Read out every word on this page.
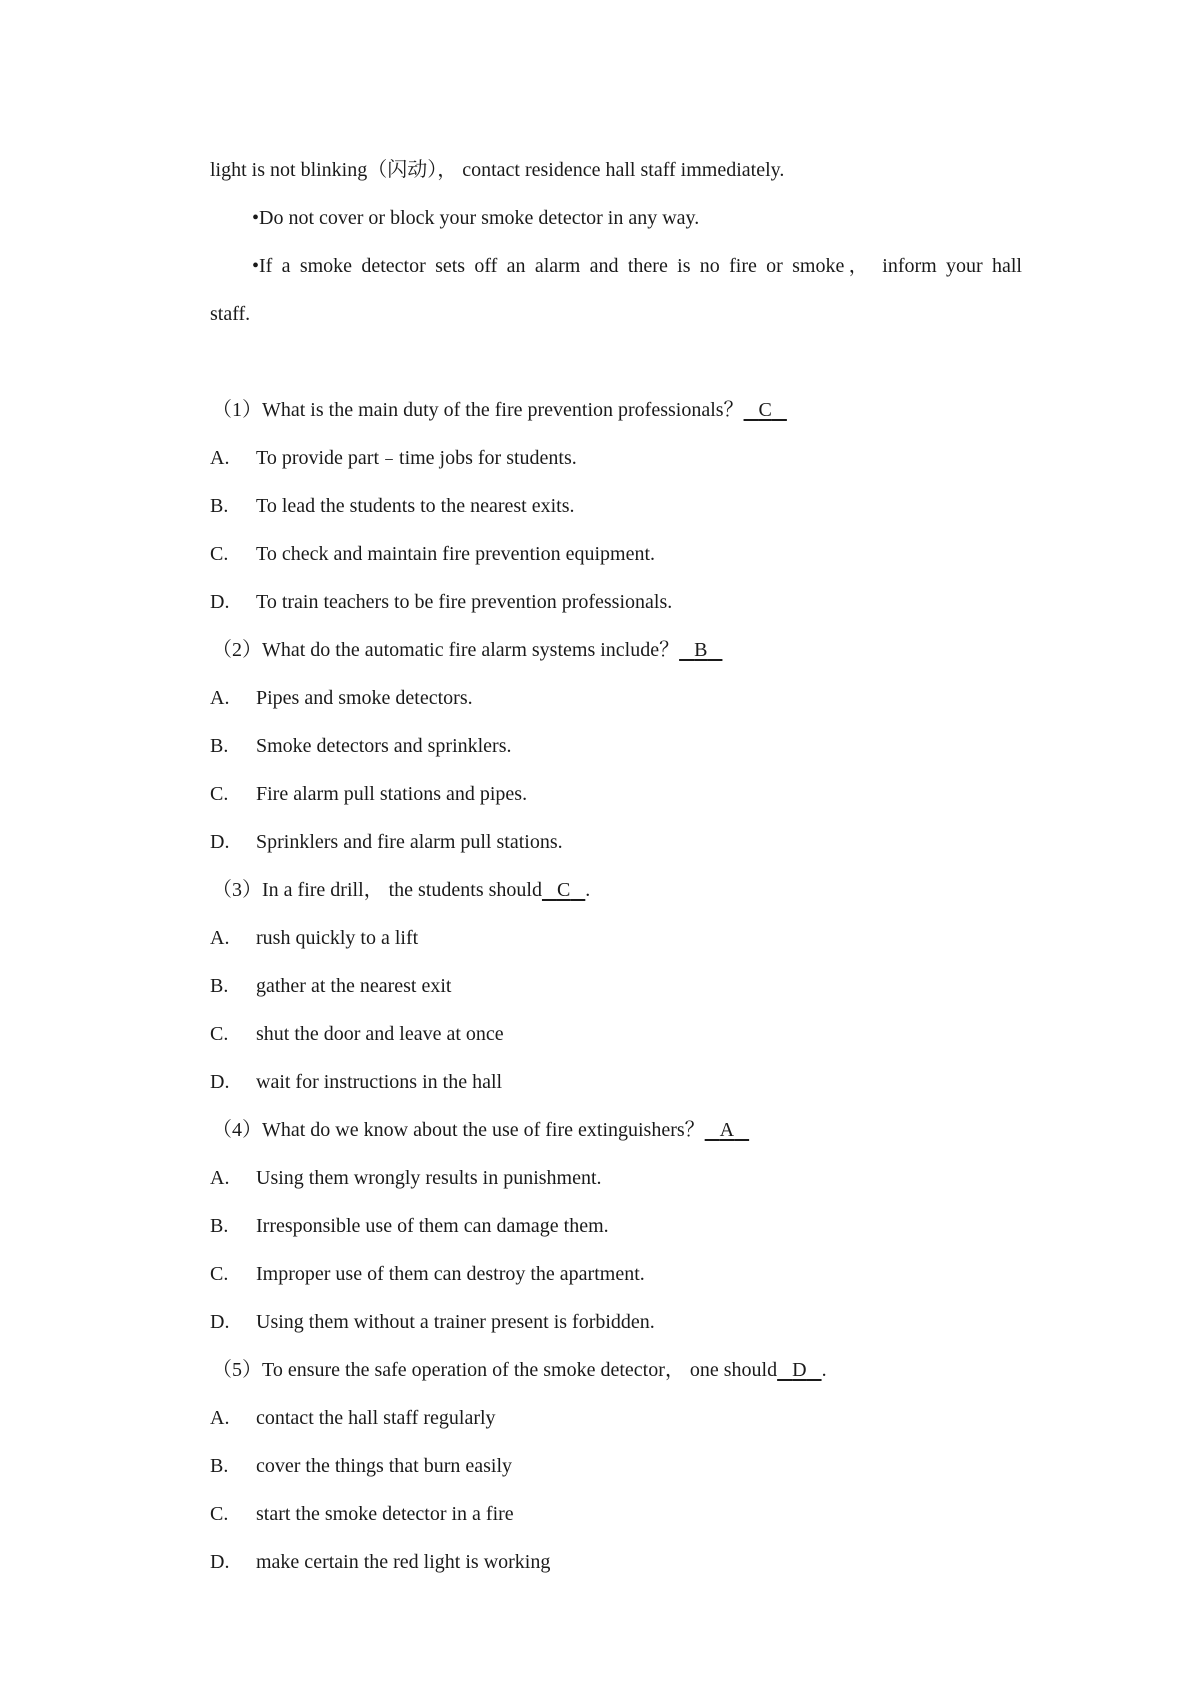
light is not blinking（闪动）， contact residence hall staff immediately.
•Do not cover or block your smoke detector in any way.
•If a smoke detector sets off an alarm and there is no fire or smoke， inform your hall
staff.
（1）What is the main duty of the fire prevention professionals？ C
A. To provide part﹣time jobs for students.
B. To lead the students to the nearest exits.
C. To check and maintain fire prevention equipment.
D. To train teachers to be fire prevention professionals.
（2）What do the automatic fire alarm systems include？ B
A. Pipes and smoke detectors.
B. Smoke detectors and sprinklers.
C. Fire alarm pull stations and pipes.
D. Sprinklers and fire alarm pull stations.
（3）In a fire drill， the students should C .
A. rush quickly to a lift
B. gather at the nearest exit
C. shut the door and leave at once
D. wait for instructions in the hall
（4）What do we know about the use of fire extinguishers？ A
A. Using them wrongly results in punishment.
B. Irresponsible use of them can damage them.
C. Improper use of them can destroy the apartment.
D. Using them without a trainer present is forbidden.
（5）To ensure the safe operation of the smoke detector， one should D .
A. contact the hall staff regularly
B. cover the things that burn easily
C. start the smoke detector in a fire
D. make certain the red light is working
